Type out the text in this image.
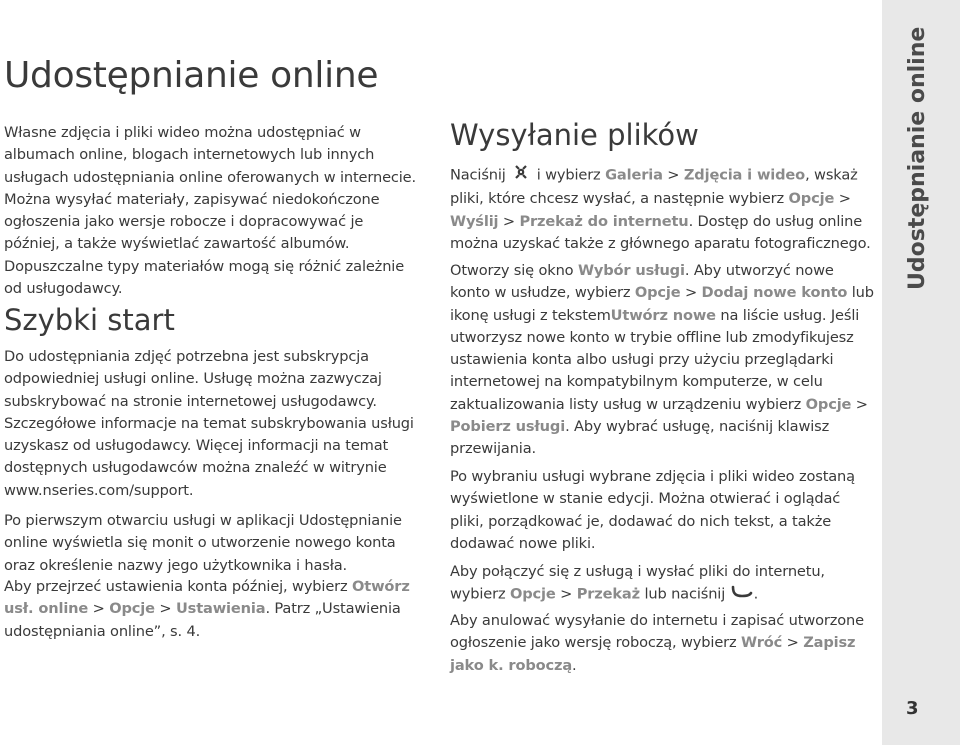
Udostępnianie online

Własne zdjęcia i pliki wideo można udostępniać w albumach online, blogach internetowych lub innych usługach udostępniania online oferowanych w internecie. Można wysyłać materiały, zapisywać niedokończone ogłoszenia jako wersje robocze i dopracowywać je później, a także wyświetlać zawartość albumów. Dopuszczalne typy materiałów mogą się różnić zależnie od usługodawcy.

Szybki start

Do udostępniania zdjęć potrzebna jest subskrypcja odpowiedniej usługi online. Usługę można zazwyczaj subskrybować na stronie internetowej usługodawcy. Szczegółowe informacje na temat subskrybowania usługi uzyskasz od usługodawcy. Więcej informacji na temat dostępnych usługodawców można znaleźć w witrynie www.nseries.com/support.

Po pierwszym otwarciu usługi w aplikacji Udostępnianie online wyświetla się monit o utworzenie nowego konta oraz określenie nazwy jego użytkownika i hasła.

Aby przejrzeć ustawienia konta później, wybierz Otwórz usł. online > Opcje > Ustawienia. Patrz „Ustawienia udostępniania online”, s. 4.

Wysyłanie plików

Naciśnij  i wybierz Galeria > Zdjęcia i wideo, wskaż pliki, które chcesz wysłać, a następnie wybierz Opcje > Wyślij > Przekaż do internetu. Dostęp do usług online można uzyskać także z głównego aparatu fotograficznego.

Otworzy się okno Wybór usługi. Aby utworzyć nowe konto w usłudze, wybierz Opcje > Dodaj nowe konto lub ikonę usługi z tekstemUtwórz nowe na liście usług. Jeśli utworzysz nowe konto w trybie offline lub zmodyfikujesz ustawienia konta albo usługi przy użyciu przeglądarki internetowej na kompatybilnym komputerze, w celu zaktualizowania listy usług w urządzeniu wybierz Opcje > Pobierz usługi. Aby wybrać usługę, naciśnij klawisz przewijania.

Po wybraniu usługi wybrane zdjęcia i pliki wideo zostaną wyświetlone w stanie edycji. Można otwierać i oglądać pliki, porządkować je, dodawać do nich tekst, a także dodawać nowe pliki.

Aby połączyć się z usługą i wysłać pliki do internetu, wybierz Opcje > Przekaż lub naciśnij .

Aby anulować wysyłanie do internetu i zapisać utworzone ogłoszenie jako wersję roboczą, wybierz Wróć > Zapisz jako k. roboczą.

Udostępnianie online
3
